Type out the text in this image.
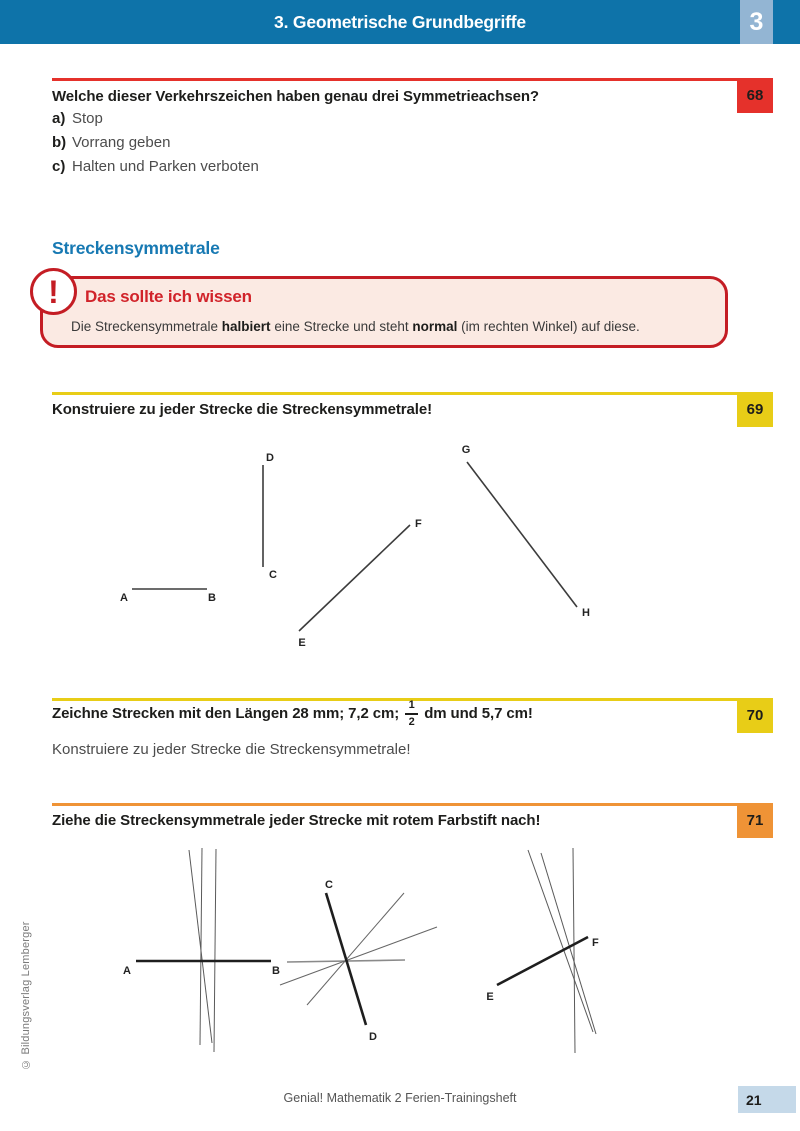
3. Geometrische Grundbegriffe	3
68
Welche dieser Verkehrszeichen haben genau drei Symmetrieachsen?
a) Stop
b) Vorrang geben
c) Halten und Parken verboten
Streckensymmetrale
! Das sollte ich wissen
Die Streckensymmetrale halbiert eine Strecke und steht normal (im rechten Winkel) auf diese.
69
Konstruiere zu jeder Strecke die Streckensymmetrale!
A	B
C
D
E
F
G
H
70
Zeichne Strecken mit den Längen 28 mm; 7,2 cm; $\frac{1}{2}$ dm und 5,7 cm!
Konstruiere zu jeder Strecke die Streckensymmetrale!
71
Ziehe die Streckensymmetrale jeder Strecke mit rotem Farbstift nach!
A	B
C
D
E
F
© Bildungsverlag Lemberger
Genial! Mathematik 2 Ferien-Trainingsheft	21
